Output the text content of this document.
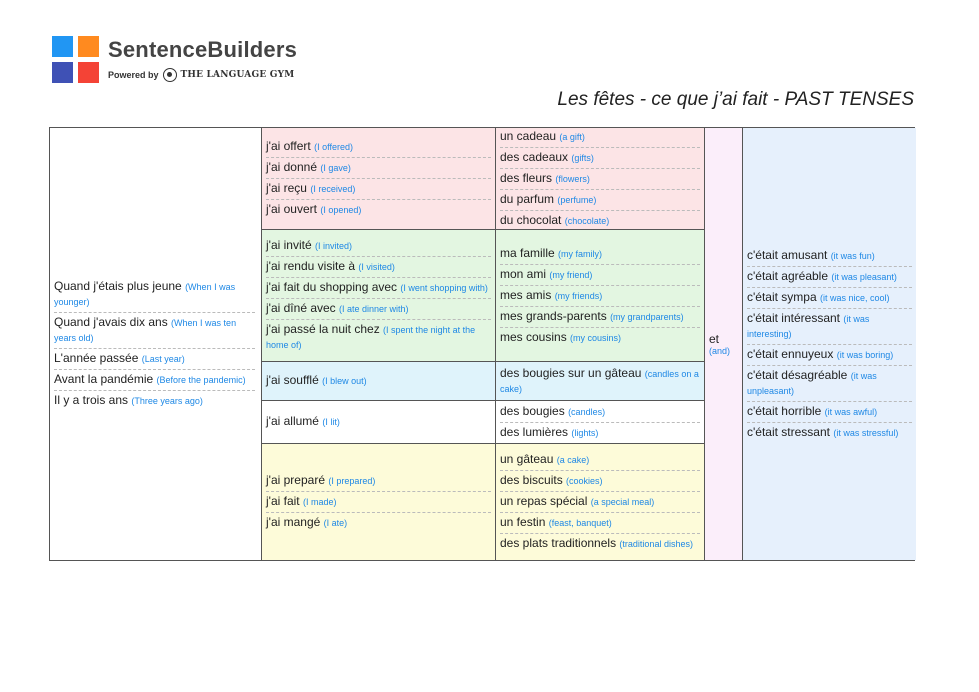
SentenceBuilders
Powered by THE LANGUAGE GYM
Les fêtes - ce que j’ai fait - PAST TENSES
Quand j'étais plus jeune (When I was younger)
Quand j'avais dix ans (When I was ten years old)
L'année passée (Last year)
Avant la pandémie (Before the pandemic)
Il y a trois ans (Three years ago)
j'ai offert (I offered)
j'ai donné (I gave)
j'ai reçu (I received)
j'ai ouvert (I opened)
j'ai invité (I invited)
j'ai rendu visite à (I visited)
j'ai fait du shopping avec (I went shopping with)
j'ai dîné avec (I ate dinner with)
j'ai passé la nuit chez (I spent the night at the home of)
j'ai soufflé (I blew out)
j'ai allumé (I lit)
j'ai preparé (I prepared)
j'ai fait (I made)
j'ai mangé (I ate)
un cadeau (a gift)
des cadeaux (gifts)
des fleurs (flowers)
du parfum (perfume)
du chocolat (chocolate)
ma famille (my family)
mon ami (my friend)
mes amis (my friends)
mes grands-parents (my grandparents)
mes cousins (my cousins)
des bougies sur un gâteau (candles on a cake)
des bougies (candles)
des lumières (lights)
un gâteau (a cake)
des biscuits (cookies)
un repas spécial (a special meal)
un festin (feast, banquet)
des plats traditionnels (traditional dishes)
et
(and)
c'était amusant (it was fun)
c'était agréable (it was pleasant)
c'était sympa (it was nice, cool)
c'était intéressant (it was interesting)
c'était ennuyeux (it was boring)
c'était désagréable (it was unpleasant)
c'était horrible (it was awful)
c'était stressant (it was stressful)
